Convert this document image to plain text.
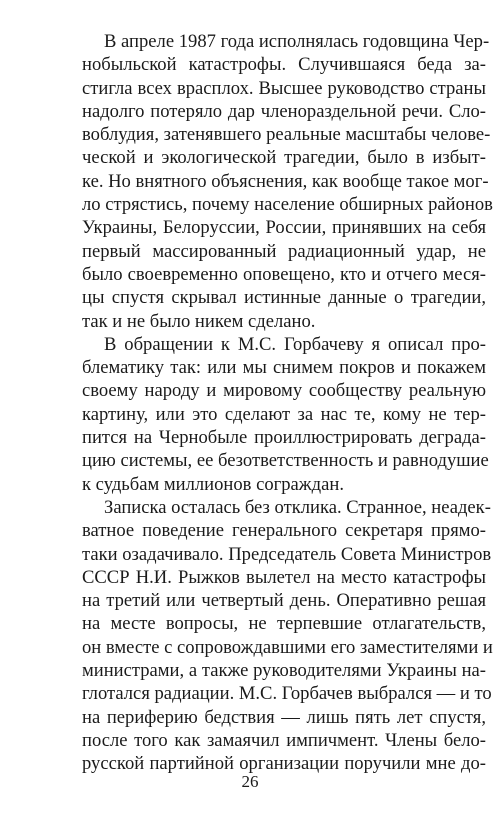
В апреле 1987 года исполнялась годовщина Чер-
нобыльской катастрофы. Случившаяся беда за-
стигла всех врасплох. Высшее руководство страны
надолго потеряло дар членораздельной речи. Сло-
воблудия, затенявшего реальные масштабы челове-
ческой и экологической трагедии, было в избыт-
ке. Но внятного объяснения, как вообще такое мог-
ло стрястись, почему население обширных районов
Украины, Белоруссии, России, принявших на себя
первый массированный радиационный удар, не
было своевременно оповещено, кто и отчего меся-
цы спустя скрывал истинные данные о трагедии,
так и не было никем сделано.
В обращении к М.С. Горбачеву я описал про-
блематику так: или мы снимем покров и покажем
своему народу и мировому сообществу реальную
картину, или это сделают за нас те, кому не тер-
пится на Чернобыле проиллюстрировать деграда-
цию системы, ее безответственность и равнодушие
к судьбам миллионов сограждан.
Записка осталась без отклика. Странное, неадек-
ватное поведение генерального секретаря прямо-
таки озадачивало. Председатель Совета Министров
СССР Н.И. Рыжков вылетел на место катастрофы
на третий или четвертый день. Оперативно решая
на месте вопросы, не терпевшие отлагательств,
он вместе с сопровождавшими его заместителями и
министрами, а также руководителями Украины на-
глотался радиации. М.С. Горбачев выбрался — и то
на периферию бедствия — лишь пять лет спустя,
после того как замаячил импичмент. Члены бело-
русской партийной организации поручили мне до-
26
